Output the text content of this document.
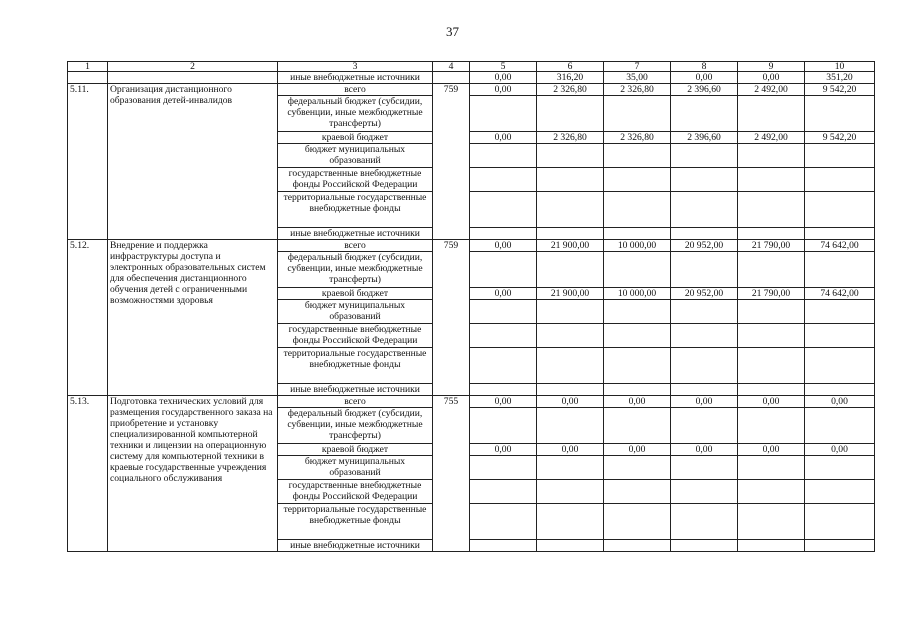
37
1	2	3	4	5	6	7	8	9	10
		иные внебюджетные источники		0,00	316,20	35,00	0,00	0,00	351,20
5.11.	Организация дистанционного образования детей-инвалидов	всего	759	0,00	2 326,80	2 326,80	2 396,60	2 492,00	9 542,20
		федеральный бюджет (субсидии, субвенции, иные межбюджетные трансферты)							
		краевой бюджет		0,00	2 326,80	2 326,80	2 396,60	2 492,00	9 542,20
		бюджет муниципальных образований							
		государственные внебюджетные фонды Российской Федерации							
		территориальные государственные внебюджетные фонды							
		иные внебюджетные источники							
5.12.	Внедрение и поддержка инфраструктуры доступа и электронных образовательных систем для обеспечения дистанционного обучения детей с ограниченными возможностями здоровья	всего	759	0,00	21 900,00	10 000,00	20 952,00	21 790,00	74 642,00
		федеральный бюджет (субсидии, субвенции, иные межбюджетные трансферты)							
		краевой бюджет		0,00	21 900,00	10 000,00	20 952,00	21 790,00	74 642,00
		бюджет муниципальных образований							
		государственные внебюджетные фонды Российской Федерации							
		территориальные государственные внебюджетные фонды							
		иные внебюджетные источники							
5.13.	Подготовка технических условий для размещения государственного заказа на приобретение и установку специализированной компьютерной техники и лицензии на операционную систему для компьютерной техники в краевые государственные учреждения социального обслуживания	всего	755	0,00	0,00	0,00	0,00	0,00	0,00
		федеральный бюджет (субсидии, субвенции, иные межбюджетные трансферты)							
		краевой бюджет		0,00	0,00	0,00	0,00	0,00	0,00
		бюджет муниципальных образований							
		государственные внебюджетные фонды Российской Федерации							
		территориальные государственные внебюджетные фонды							
		иные внебюджетные источники							
